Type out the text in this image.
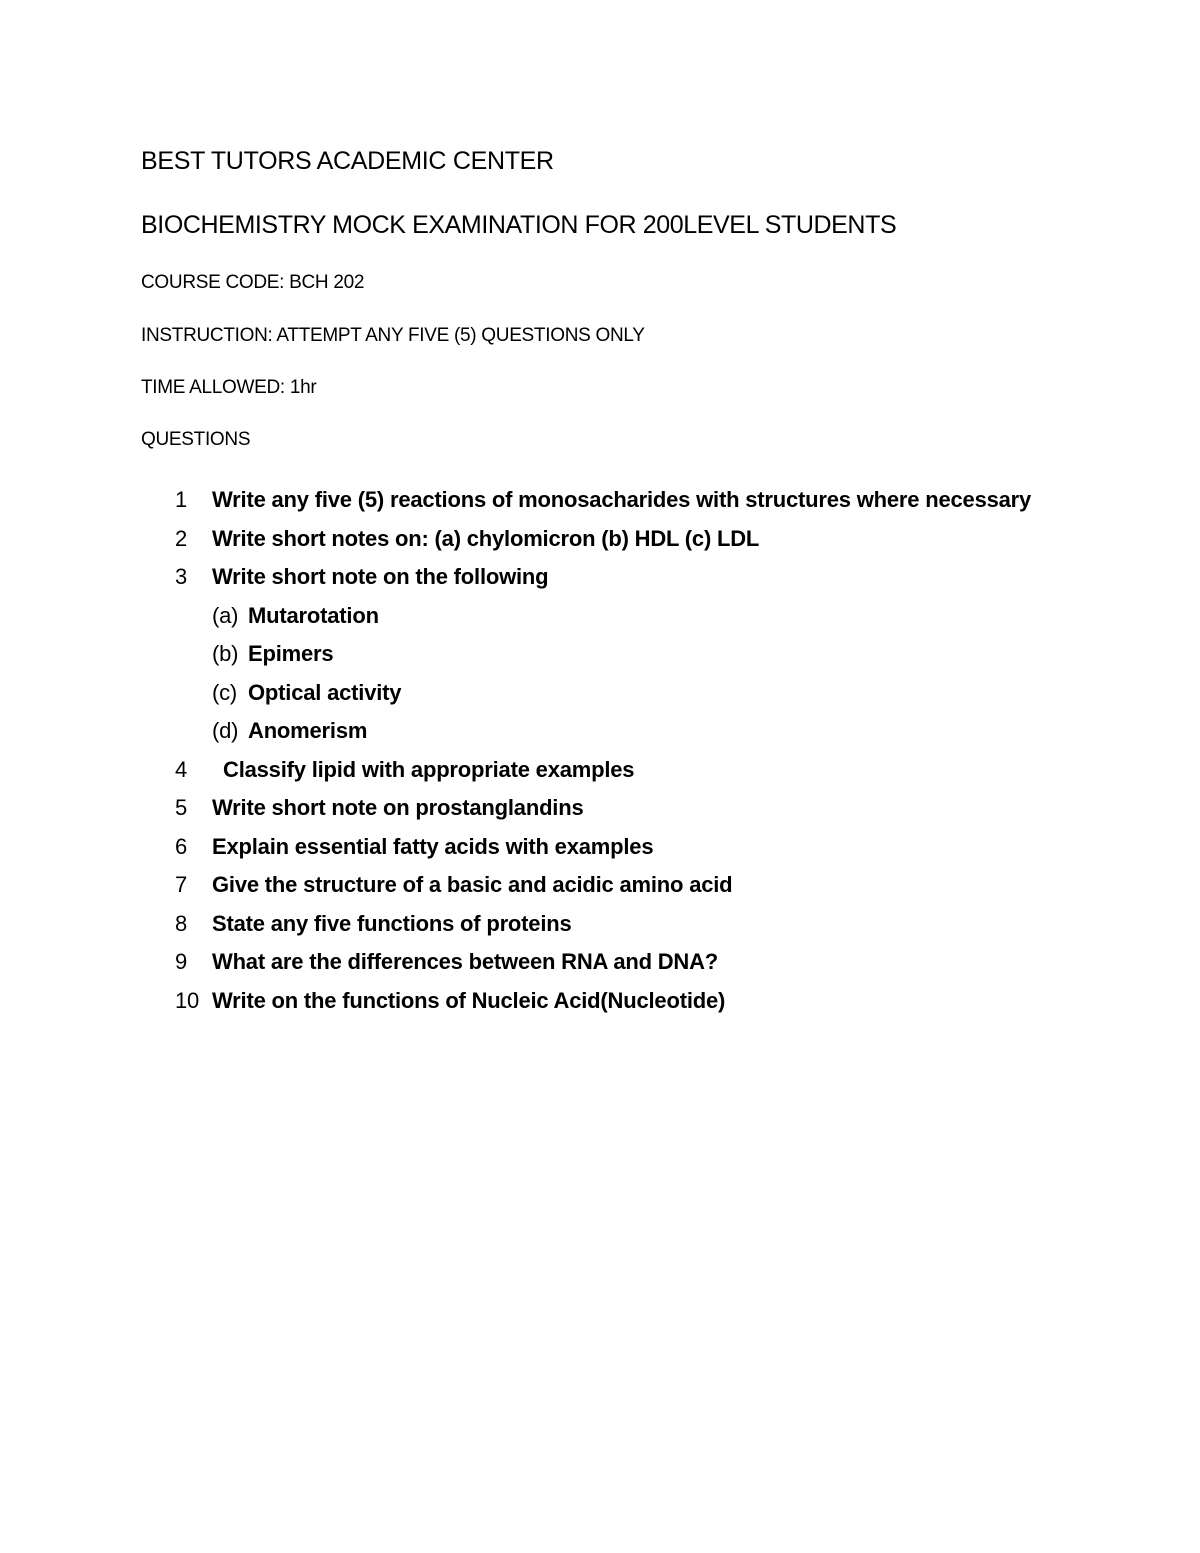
BEST TUTORS ACADEMIC CENTER
BIOCHEMISTRY MOCK EXAMINATION FOR 200LEVEL STUDENTS

COURSE CODE: BCH 202

INSTRUCTION: ATTEMPT ANY FIVE (5) QUESTIONS ONLY

TIME ALLOWED: 1hr

QUESTIONS

1	Write any five (5) reactions of monosacharides with structures where necessary
2	Write short notes on: (a) chylomicron (b) HDL (c) LDL
3	Write short note on the following
(a) Mutarotation
(b) Epimers
(c) Optical activity
(d) Anomerism
4	Classify lipid with appropriate examples
5	Write short note on prostanglandins
6	Explain essential fatty acids with examples
7	Give the structure of a basic and acidic amino acid
8	State any five functions of proteins
9	What are the differences between RNA and DNA?
10 Write on the functions of Nucleic Acid(Nucleotide)
